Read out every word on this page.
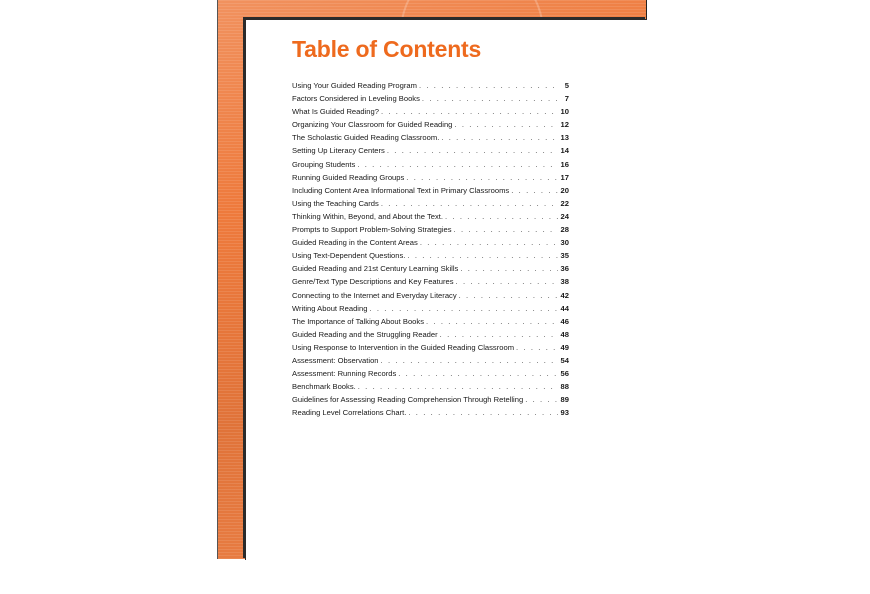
Table of Contents
Using Your Guided Reading Program . . .	5
Factors Considered in Leveling Books . . .	7
What Is Guided Reading? . . .	10
Organizing Your Classroom for Guided Reading . . .	12
The Scholastic Guided Reading Classroom. . . .	13
Setting Up Literacy Centers . . .	14
Grouping Students . . .	16
Running Guided Reading Groups . . .	17
Including Content Area Informational Text in Primary Classrooms . . .	20
Using the Teaching Cards . . .	22
Thinking Within, Beyond, and About the Text. . . .	24
Prompts to Support Problem-Solving Strategies . . .	28
Guided Reading in the Content Areas . . .	30
Using Text-Dependent Questions. . . .	35
Guided Reading and 21st Century Learning Skills . . .	36
Genre/Text Type Descriptions and Key Features . . .	38
Connecting to the Internet and Everyday Literacy . . .	42
Writing About Reading . . .	44
The Importance of Talking About Books . . .	46
Guided Reading and the Struggling Reader . . .	48
Using Response to Intervention in the Guided Reading Classroom . . .	49
Assessment: Observation . . .	54
Assessment: Running Records . . .	56
Benchmark Books. . . .	88
Guidelines for Assessing Reading Comprehension Through Retelling . . .	89
Reading Level Correlations Chart. . . .	93
